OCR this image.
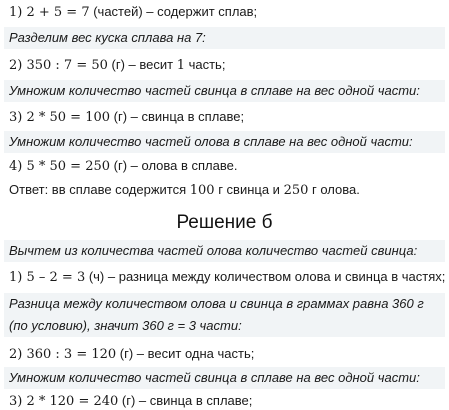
1) 2 + 5 = 7 (частей) – содержит сплав;
Разделим вес куска сплава на 7:
2) 350 : 7 = 50 (г) – весит 1 часть;
Умножим количество частей свинца в сплаве на вес одной части:
3) 2 * 50 = 100 (г) – свинца в сплаве;
Умножим количество частей олова в сплаве на вес одной части:
4) 5 * 50 = 250 (г) – олова в сплаве.
Ответ: вв сплаве содержится 100 г свинца и 250 г олова.
Решение б
Вычтем из количества частей олова количество частей свинца:
1) 5 – 2 = 3 (ч) – разница между количеством олова и свинца в частях;
Разница между количеством олова и свинца в граммах равна 360 г (по условию), значит 360 г = 3 части:
2) 360 : 3 = 120 (г) – весит одна часть;
Умножим количество частей свинца в сплаве на вес одной части:
3) 2 * 120 = 240 (г) – свинца в сплаве;
